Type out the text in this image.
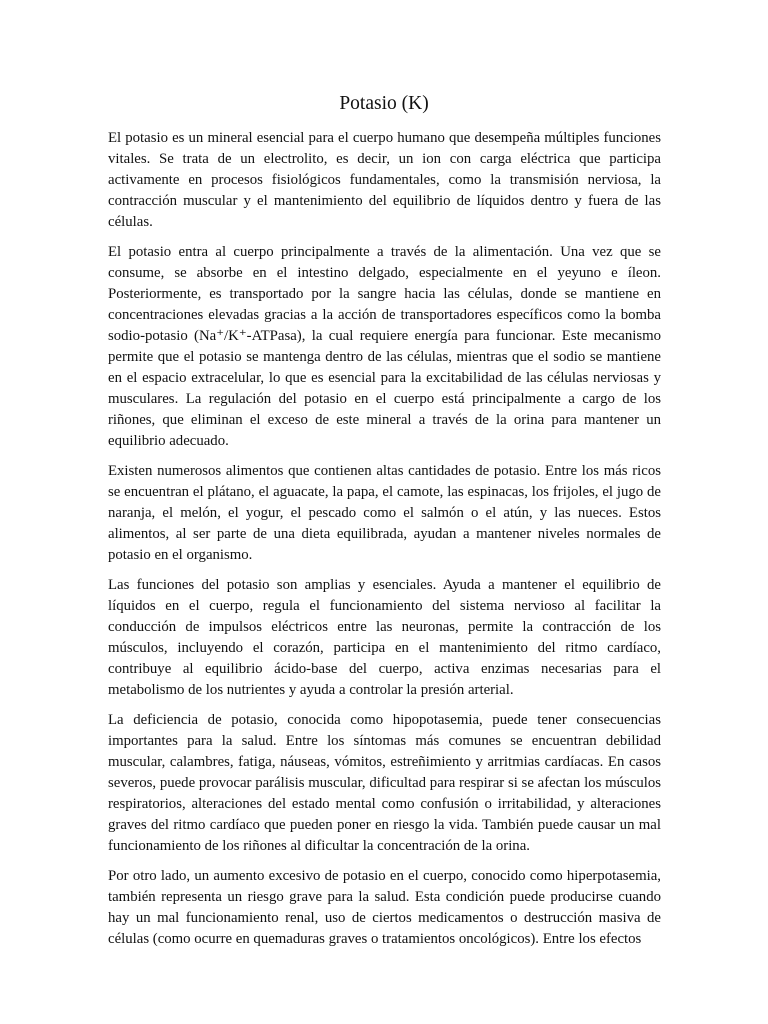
Potasio (K)

El potasio es un mineral esencial para el cuerpo humano que desempeña múltiples funciones vitales. Se trata de un electrolito, es decir, un ion con carga eléctrica que participa activamente en procesos fisiológicos fundamentales, como la transmisión nerviosa, la contracción muscular y el mantenimiento del equilibrio de líquidos dentro y fuera de las células.

El potasio entra al cuerpo principalmente a través de la alimentación. Una vez que se consume, se absorbe en el intestino delgado, especialmente en el yeyuno e íleon. Posteriormente, es transportado por la sangre hacia las células, donde se mantiene en concentraciones elevadas gracias a la acción de transportadores específicos como la bomba sodio-potasio (Na⁺/K⁺-ATPasa), la cual requiere energía para funcionar. Este mecanismo permite que el potasio se mantenga dentro de las células, mientras que el sodio se mantiene en el espacio extracelular, lo que es esencial para la excitabilidad de las células nerviosas y musculares. La regulación del potasio en el cuerpo está principalmente a cargo de los riñones, que eliminan el exceso de este mineral a través de la orina para mantener un equilibrio adecuado.

Existen numerosos alimentos que contienen altas cantidades de potasio. Entre los más ricos se encuentran el plátano, el aguacate, la papa, el camote, las espinacas, los frijoles, el jugo de naranja, el melón, el yogur, el pescado como el salmón o el atún, y las nueces. Estos alimentos, al ser parte de una dieta equilibrada, ayudan a mantener niveles normales de potasio en el organismo.

Las funciones del potasio son amplias y esenciales. Ayuda a mantener el equilibrio de líquidos en el cuerpo, regula el funcionamiento del sistema nervioso al facilitar la conducción de impulsos eléctricos entre las neuronas, permite la contracción de los músculos, incluyendo el corazón, participa en el mantenimiento del ritmo cardíaco, contribuye al equilibrio ácido-base del cuerpo, activa enzimas necesarias para el metabolismo de los nutrientes y ayuda a controlar la presión arterial.

La deficiencia de potasio, conocida como hipopotasemia, puede tener consecuencias importantes para la salud. Entre los síntomas más comunes se encuentran debilidad muscular, calambres, fatiga, náuseas, vómitos, estreñimiento y arritmias cardíacas. En casos severos, puede provocar parálisis muscular, dificultad para respirar si se afectan los músculos respiratorios, alteraciones del estado mental como confusión o irritabilidad, y alteraciones graves del ritmo cardíaco que pueden poner en riesgo la vida. También puede causar un mal funcionamiento de los riñones al dificultar la concentración de la orina.

Por otro lado, un aumento excesivo de potasio en el cuerpo, conocido como hiperpotasemia, también representa un riesgo grave para la salud. Esta condición puede producirse cuando hay un mal funcionamiento renal, uso de ciertos medicamentos o destrucción masiva de células (como ocurre en quemaduras graves o tratamientos oncológicos). Entre los efectos
